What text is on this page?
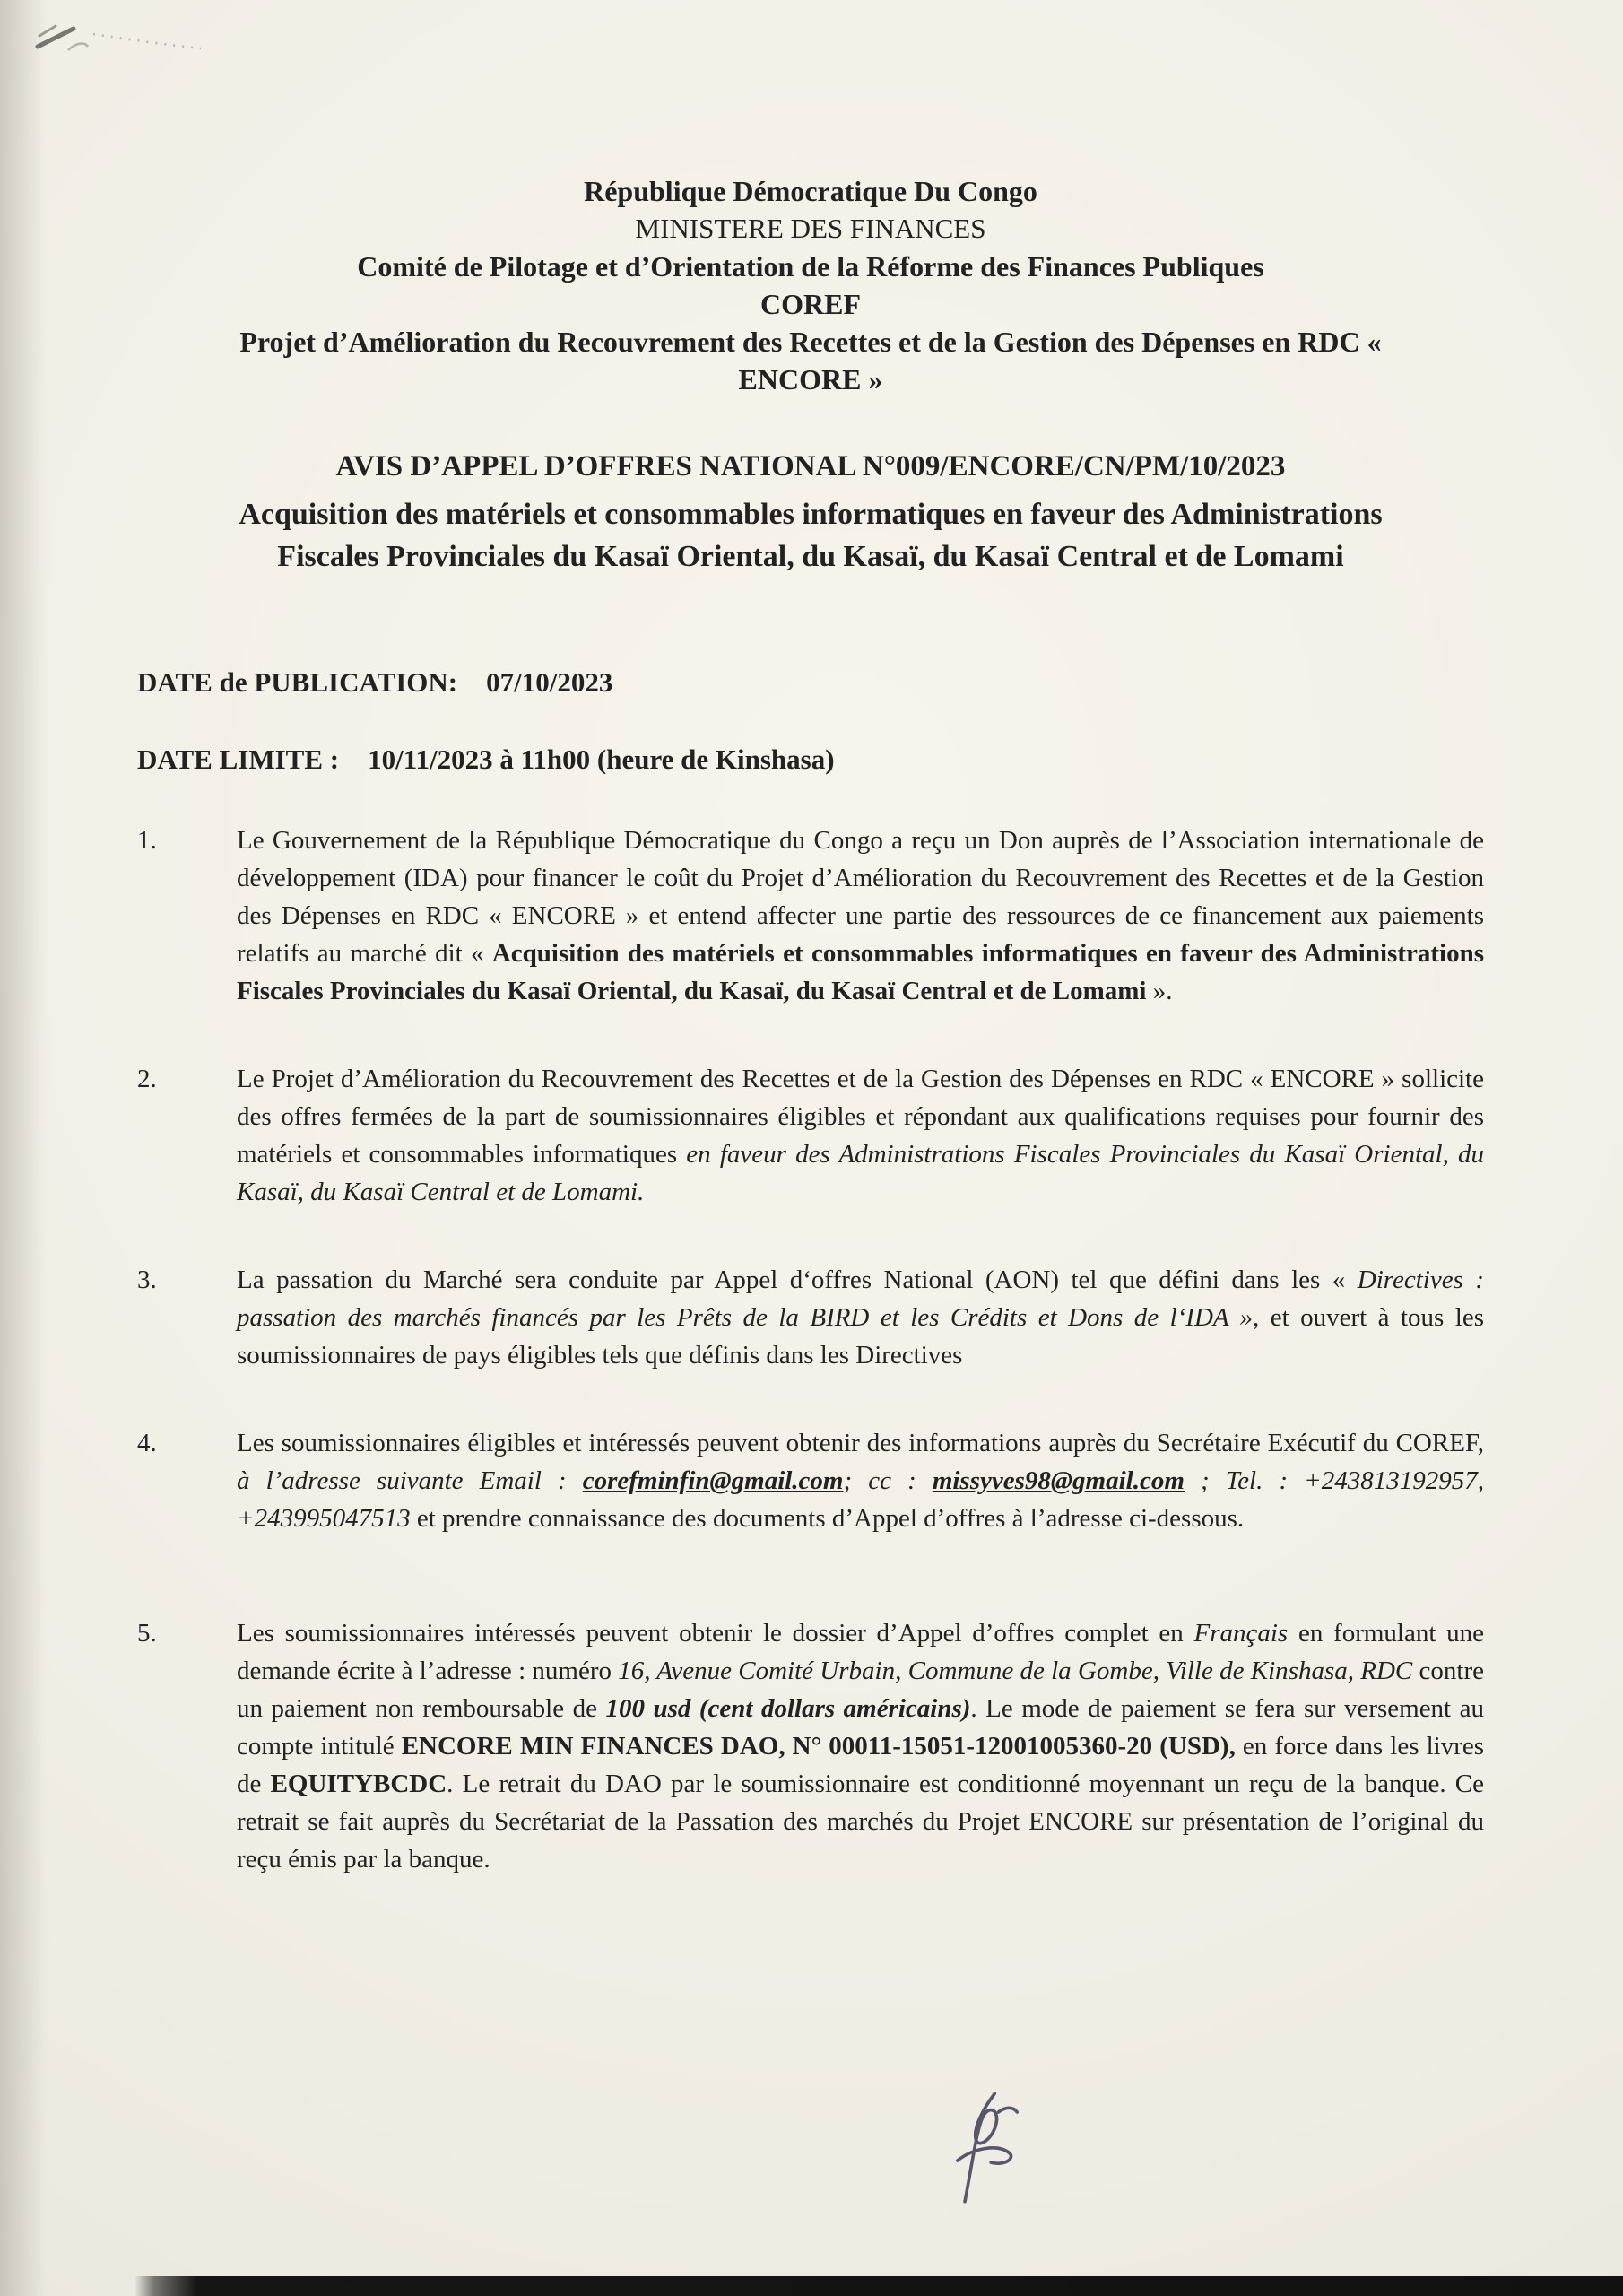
République Démocratique Du Congo
MINISTERE DES FINANCES
Comité de Pilotage et d’Orientation de la Réforme des Finances Publiques
COREF
Projet d’Amélioration du Recouvrement des Recettes et de la Gestion des Dépenses en RDC « ENCORE »
AVIS D’APPEL D’OFFRES NATIONAL N°009/ENCORE/CN/PM/10/2023
Acquisition des matériels et consommables informatiques en faveur des Administrations Fiscales Provinciales du Kasaï Oriental, du Kasaï, du Kasaï Central et de Lomami
DATE de PUBLICATION: 07/10/2023
DATE LIMITE : 10/11/2023 à 11h00 (heure de Kinshasa)
1.	Le Gouvernement de la République Démocratique du Congo a reçu un Don auprès de l’Association internationale de développement (IDA) pour financer le coût du Projet d’Amélioration du Recouvrement des Recettes et de la Gestion des Dépenses en RDC « ENCORE » et entend affecter une partie des ressources de ce financement aux paiements relatifs au marché dit « Acquisition des matériels et consommables informatiques en faveur des Administrations Fiscales Provinciales du Kasaï Oriental, du Kasaï, du Kasaï Central et de Lomami ».
2.	Le Projet d’Amélioration du Recouvrement des Recettes et de la Gestion des Dépenses en RDC « ENCORE » sollicite des offres fermées de la part de soumissionnaires éligibles et répondant aux qualifications requises pour fournir des matériels et consommables informatiques en faveur des Administrations Fiscales Provinciales du Kasaï Oriental, du Kasaï, du Kasaï Central et de Lomami.
3.	La passation du Marché sera conduite par Appel d‘offres National (AON) tel que défini dans les « Directives : passation des marchés financés par les Prêts de la BIRD et les Crédits et Dons de l‘IDA », et ouvert à tous les soumissionnaires de pays éligibles tels que définis dans les Directives
4.	Les soumissionnaires éligibles et intéressés peuvent obtenir des informations auprès du Secrétaire Exécutif du COREF, à l’adresse suivante Email : corefminfin@gmail.com; cc : missyves98@gmail.com ; Tel. : +243813192957, +243995047513 et prendre connaissance des documents d’Appel d’offres à l’adresse ci-dessous.
5.	Les soumissionnaires intéressés peuvent obtenir le dossier d’Appel d’offres complet en Français en formulant une demande écrite à l’adresse : numéro 16, Avenue Comité Urbain, Commune de la Gombe, Ville de Kinshasa, RDC contre un paiement non remboursable de 100 usd (cent dollars américains). Le mode de paiement se fera sur versement au compte intitulé ENCORE MIN FINANCES DAO, N° 00011-15051-12001005360-20 (USD), en force dans les livres de EQUITYBCDC. Le retrait du DAO par le soumissionnaire est conditionné moyennant un reçu de la banque. Ce retrait se fait auprès du Secrétariat de la Passation des marchés du Projet ENCORE sur présentation de l’original du reçu émis par la banque.
